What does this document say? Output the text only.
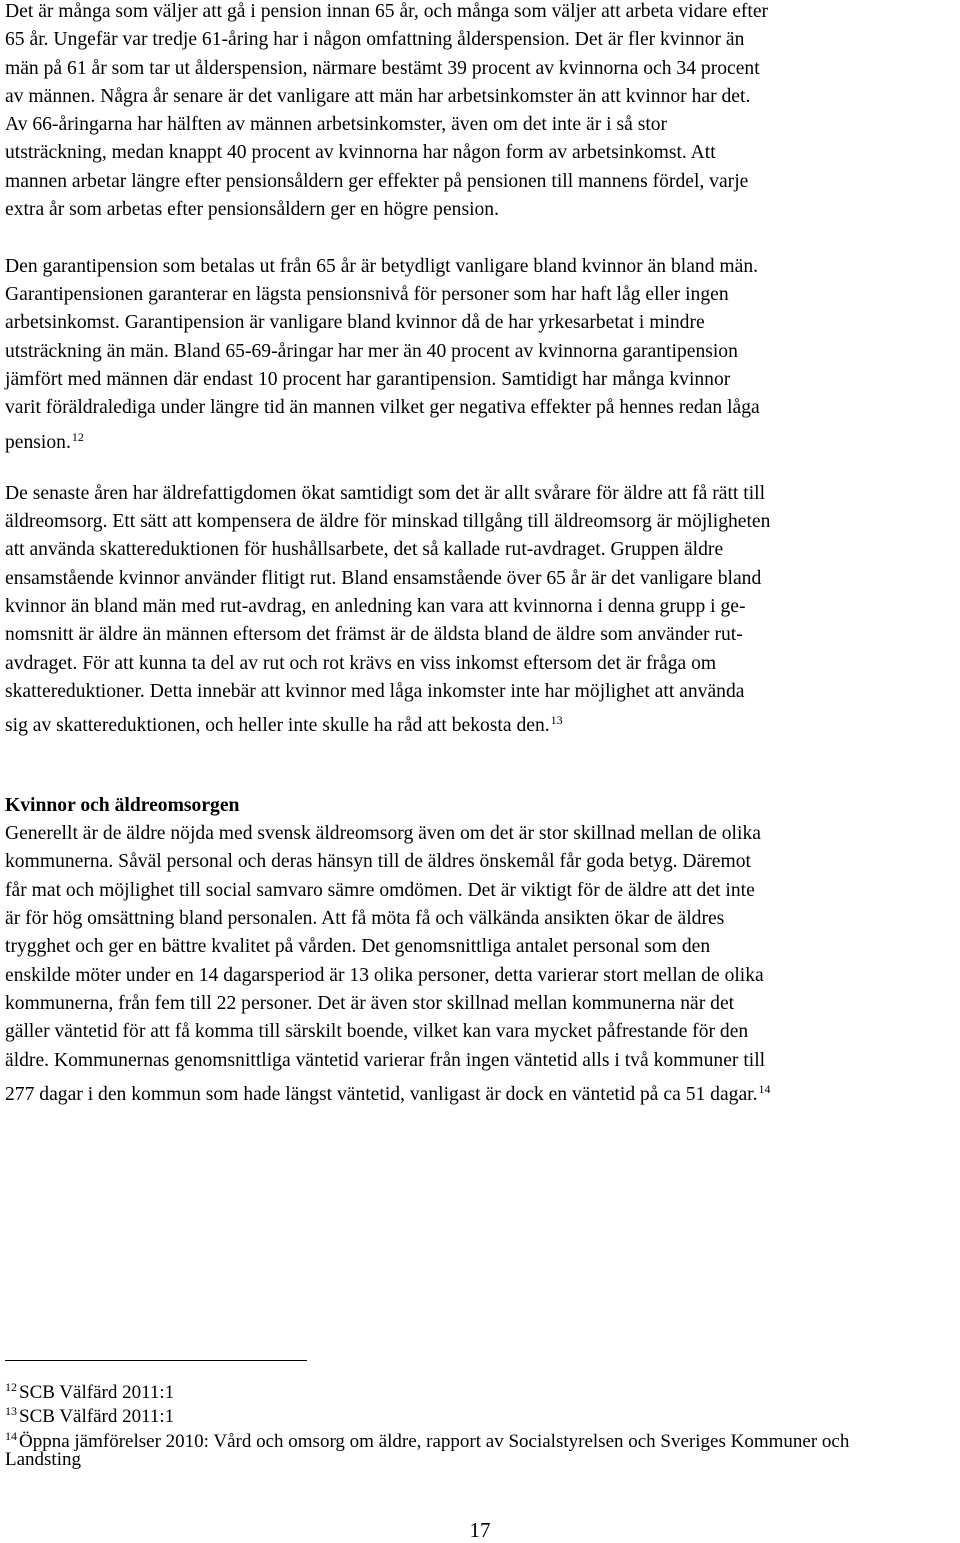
Det är många som väljer att gå i pension innan 65 år, och många som väljer att arbeta vidare efter
65 år. Ungefär var tredje 61-åring har i någon omfattning ålderspension. Det är fler kvinnor än
män på 61 år som tar ut ålderspension, närmare bestämt 39 procent av kvinnorna och 34 procent
av männen. Några år senare är det vanligare att män har arbetsinkomster än att kvinnor har det.
Av 66-åringarna har hälften av männen arbetsinkomster, även om det inte är i så stor
utsträckning, medan knappt 40 procent av kvinnorna har någon form av arbetsinkomst. Att
mannen arbetar längre efter pensionsåldern ger effekter på pensionen till mannens fördel, varje
extra år som arbetas efter pensionsåldern ger en högre pension.
Den garantipension som betalas ut från 65 år är betydligt vanligare bland kvinnor än bland män.
Garantipensionen garanterar en lägsta pensionsnivå för personer som har haft låg eller ingen
arbetsinkomst. Garantipension är vanligare bland kvinnor då de har yrkesarbetat i mindre
utsträckning än män. Bland 65-69-åringar har mer än 40 procent av kvinnorna garantipension
jämfört med männen där endast 10 procent har garantipension. Samtidigt har många kvinnor
varit föräldralediga under längre tid än mannen vilket ger negativa effekter på hennes redan låga
pension.$^{12}$
De senaste åren har äldrefattigdomen ökat samtidigt som det är allt svårare för äldre att få rätt till
äldreomsorg. Ett sätt att kompensera de äldre för minskad tillgång till äldreomsorg är möjligheten
att använda skattereduktionen för hushållsarbete, det så kallade rut-avdraget. Gruppen äldre
ensamstående kvinnor använder flitigt rut. Bland ensamstående över 65 år är det vanligare bland
kvinnor än bland män med rut-avdrag, en anledning kan vara att kvinnorna i denna grupp i ge-
nomsnitt är äldre än männen eftersom det främst är de äldsta bland de äldre som använder rut-
avdraget. För att kunna ta del av rut och rot krävs en viss inkomst eftersom det är fråga om
skattereduktioner. Detta innebär att kvinnor med låga inkomster inte har möjlighet att använda
sig av skattereduktionen, och heller inte skulle ha råd att bekosta den.$^{13}$
Kvinnor och äldreomsorgen
Generellt är de äldre nöjda med svensk äldreomsorg även om det är stor skillnad mellan de olika
kommunerna. Såväl personal och deras hänsyn till de äldres önskemål får goda betyg. Däremot
får mat och möjlighet till social samvaro sämre omdömen. Det är viktigt för de äldre att det inte
är för hög omsättning bland personalen. Att få möta få och välkända ansikten ökar de äldres
trygghet och ger en bättre kvalitet på vården. Det genomsnittliga antalet personal som den
enskilde möter under en 14 dagarsperiod är 13 olika personer, detta varierar stort mellan de olika
kommunerna, från fem till 22 personer. Det är även stor skillnad mellan kommunerna när det
gäller väntetid för att få komma till särskilt boende, vilket kan vara mycket påfrestande för den
äldre. Kommunernas genomsnittliga väntetid varierar från ingen väntetid alls i två kommuner till
277 dagar i den kommun som hade längst väntetid, vanligast är dock en väntetid på ca 51 dagar.$^{14}$
$^{12}$ SCB Välfärd 2011:1
$^{13}$ SCB Välfärd 2011:1
$^{14}$ Öppna jämförelser 2010: Vård och omsorg om äldre, rapport av Socialstyrelsen och Sveriges Kommuner och
Landsting
17
